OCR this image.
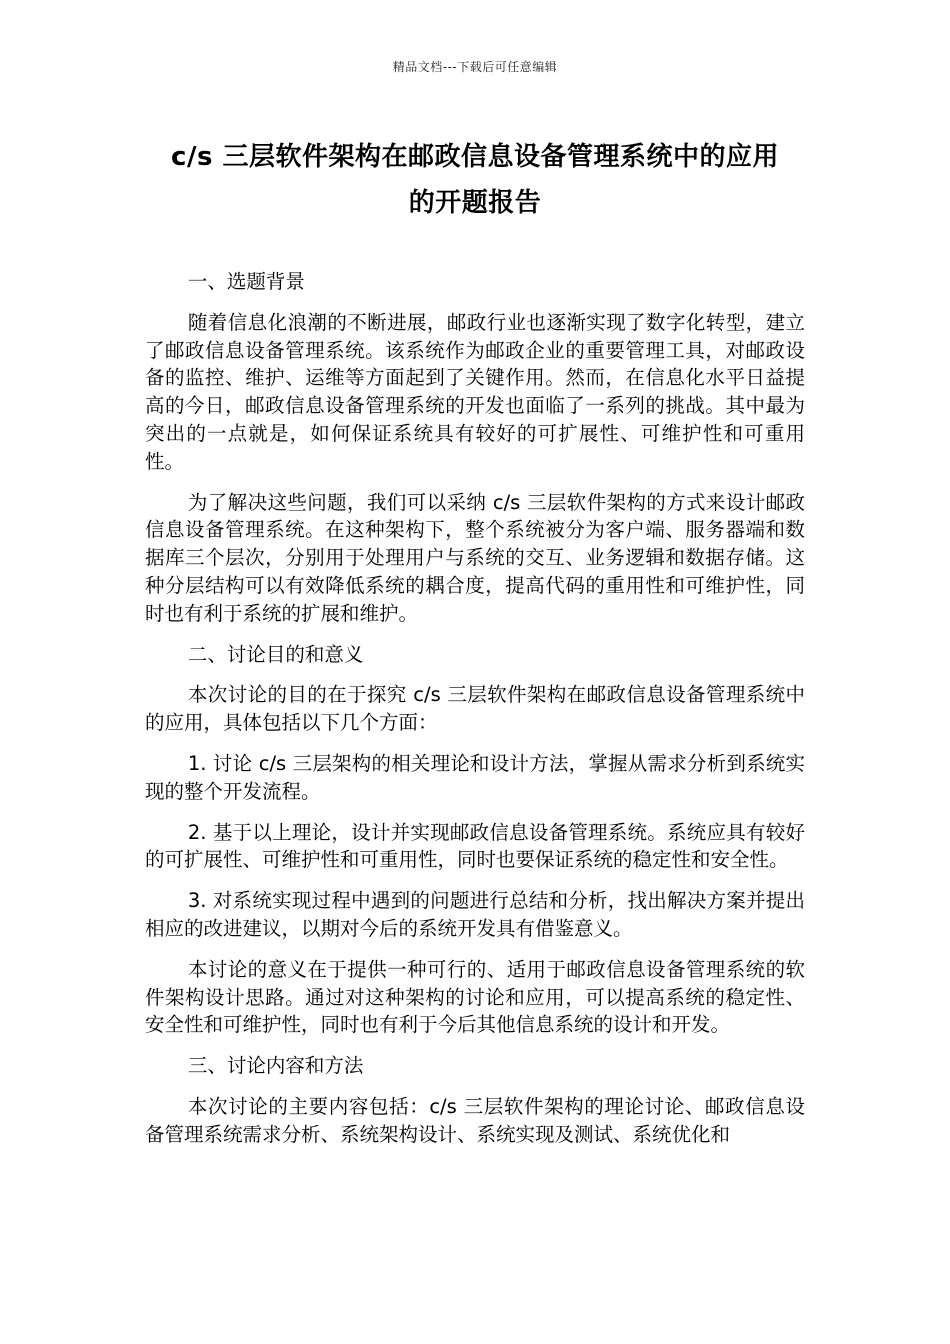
精品文档---下载后可任意编辑
c/s 三层软件架构在邮政信息设备管理系统中的应用
的开题报告

一、选题背景

随着信息化浪潮的不断进展，邮政行业也逐渐实现了数字化转型，建立了邮政信息设备管理系统。该系统作为邮政企业的重要管理工具，对邮政设备的监控、维护、运维等方面起到了关键作用。然而，在信息化水平日益提高的今日，邮政信息设备管理系统的开发也面临了一系列的挑战。其中最为突出的一点就是，如何保证系统具有较好的可扩展性、可维护性和可重用性。

为了解决这些问题，我们可以采纳 c/s 三层软件架构的方式来设计邮政信息设备管理系统。在这种架构下，整个系统被分为客户端、服务器端和数据库三个层次，分别用于处理用户与系统的交互、业务逻辑和数据存储。这种分层结构可以有效降低系统的耦合度，提高代码的重用性和可维护性，同时也有利于系统的扩展和维护。

二、讨论目的和意义

本次讨论的目的在于探究 c/s 三层软件架构在邮政信息设备管理系统中的应用，具体包括以下几个方面：

1. 讨论 c/s 三层架构的相关理论和设计方法，掌握从需求分析到系统实现的整个开发流程。

2. 基于以上理论，设计并实现邮政信息设备管理系统。系统应具有较好的可扩展性、可维护性和可重用性，同时也要保证系统的稳定性和安全性。

3. 对系统实现过程中遇到的问题进行总结和分析，找出解决方案并提出相应的改进建议，以期对今后的系统开发具有借鉴意义。

本讨论的意义在于提供一种可行的、适用于邮政信息设备管理系统的软件架构设计思路。通过对这种架构的讨论和应用，可以提高系统的稳定性、安全性和可维护性，同时也有利于今后其他信息系统的设计和开发。

三、讨论内容和方法

本次讨论的主要内容包括：c/s 三层软件架构的理论讨论、邮政信息设备管理系统需求分析、系统架构设计、系统实现及测试、系统优化和
